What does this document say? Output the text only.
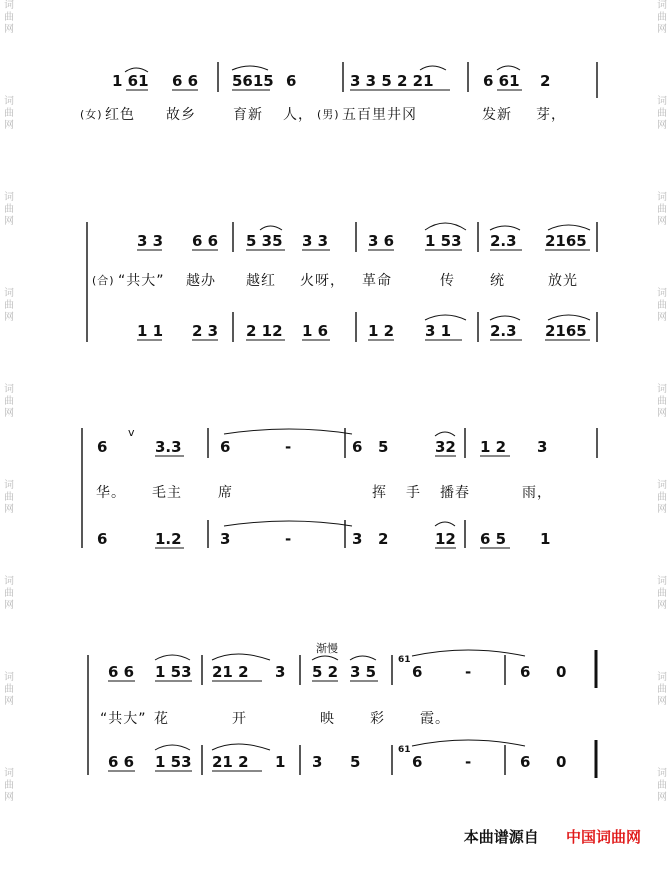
词曲网
词曲网
词曲网
词曲网
词曲网
词曲网
词曲网
词曲网
词曲网
词曲网
词曲网
词曲网
词曲网
词曲网
词曲网
词曲网
词曲网
词曲网
1 61 6 6 5615 6	3 3 5 2 21	6 61 2
3 3 6 6 5 35 3 3	3 6 1 53 2.3 2165
1 1 2 3 2 12 1 6	1 2 3 1	2.3 2165
6	3.3	6	-	6 5	32 1 2 3
6	1.2	3	-	3 2	12 6 5 1
v
6 6 1 53 21 2 3 5 2 3 5 6	-	6 0
6 6 1 53 21 2 1 3 5	6	-	6 0
61
61
(女) 红色 故乡	育新 人， (男) 五百里井冈	发新 芽，
(合) “共大” 越办 越红 火呀， 革命	传	统	放光
华。 毛主	席	挥 手 播春	雨，
“共大” 花	开	映	彩	霞。
渐慢
本曲谱源自 中国词曲网
